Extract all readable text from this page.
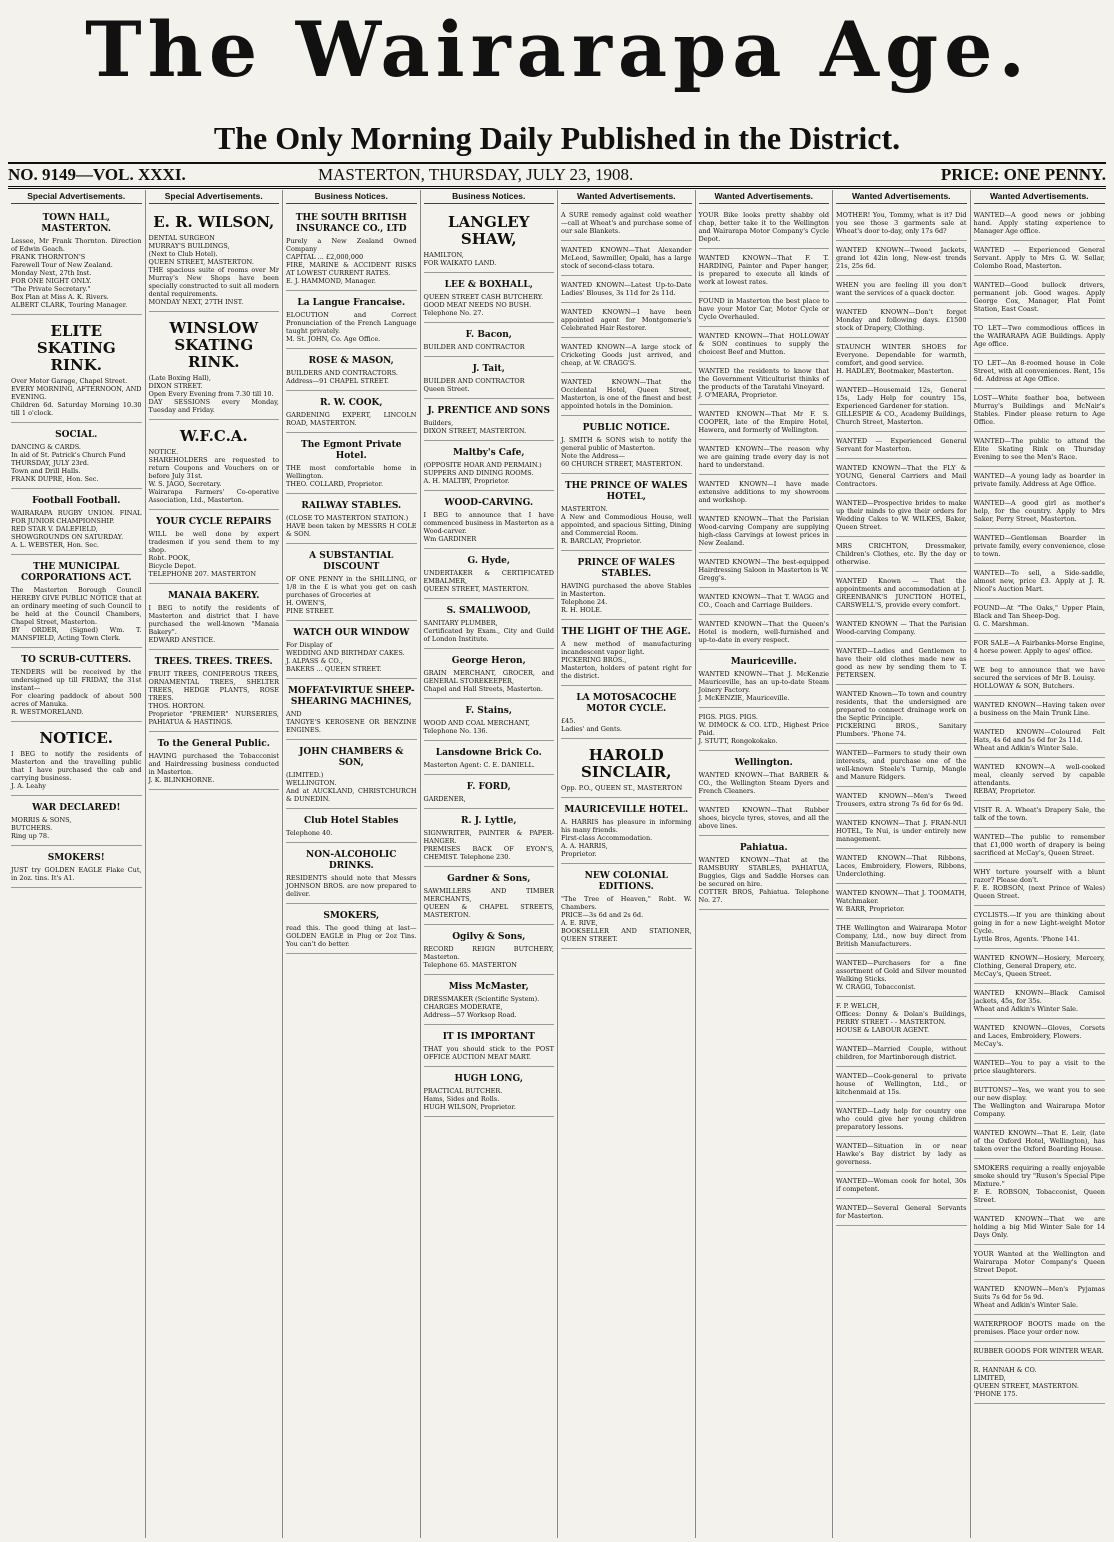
The Wairarapa Age.
The Only Morning Daily Published in the District.
NO. 9149—VOL. XXXI.	MASTERTON, THURSDAY, JULY 23, 1908.	PRICE: ONE PENNY.
Special Advertisements.
TOWN HALL, MASTERTON.

Lessee, Mr Frank Thornton. Direction of Edwin Geach.

FRANK THORNTON'S

Farewell Tour of New Zealand.

Monday Next, 27th Inst.

FOR ONE NIGHT ONLY.

"The Private Secretary."

Box Plan at Miss A. K. Rivers.

ALBERT CLARK, Touring Manager.

ELITE SKATING RINK.

Over Motor Garage, Chapel Street.

EVERY MORNING, AFTERNOON, AND EVENING.

Children 6d. Saturday Morning 10.30 till 1 o'clock.

SOCIAL.

DANCING & CARDS.

In aid of St. Patrick's Church Fund

THURSDAY, JULY 23rd.

Town and Drill Halls.

FRANK DUPRE, Hon. Sec.

Football Football.

WAIRARAPA RUGBY UNION. FINAL FOR JUNIOR CHAMPIONSHIP.

RED STAR V. DALEFIELD,

SHOWGROUNDS ON SATURDAY.

A. L. WEBSTER, Hon. Sec.

THE MUNICIPAL CORPORATIONS ACT.

The Masterton Borough Council HEREBY GIVE PUBLIC NOTICE that at an ordinary meeting of such Council to be held at the Council Chambers, Chapel Street, Masterton.

BY ORDER, (Signed) Wm. T. MANSFIELD, Acting Town Clerk.

TO SCRUB-CUTTERS.

TENDERS will be received by the undersigned up till FRIDAY, the 31st instant—

For clearing paddock of about 500 acres of Manuka.

R. WESTMORELAND.

NOTICE.

I BEG to notify the residents of Masterton and the travelling public that I have purchased the cab and carrying business.

J. A. Leahy

WAR DECLARED!

MORRIS & SONS,

BUTCHERS.

Ring up 78.

SMOKERS!

JUST try GOLDEN EAGLE Flake Cut, in 2oz. tins. It's A1.

Special Advertisements.
E. R. WILSON,

DENTAL SURGEON

MURRAY'S BUILDINGS,

(Next to Club Hotel).

QUEEN STREET, MASTERTON.

THE spacious suite of rooms over Mr Murray's New Shops have been specially constructed to suit all modern dental requirements.

MONDAY NEXT, 27TH INST.

WINSLOW SKATING RINK.

(Late Boxing Hall),

DIXON STREET.

Open Every Evening from 7.30 till 10.

DAY SESSIONS every Monday, Tuesday and Friday.

W.F.C.A.

NOTICE.

SHAREHOLDERS are requested to return Coupons and Vouchers on or before July 31st.

W. S. JAGO, Secretary.

Wairarapa Farmers' Co-operative Association, Ltd., Masterton.

YOUR CYCLE REPAIRS

WILL be well done by expert tradesmen if you send them to my shop.

Robt. POOK,

Bicycle Depot.

TELEPHONE 207. MASTERTON

MANAIA BAKERY.

I BEG to notify the residents of Masterton and district that I have purchased the well-known "Manaia Bakery".

EDWARD ANSTICE.

TREES. TREES. TREES.

FRUIT TREES, CONIFEROUS TREES, ORNAMENTAL TREES, SHELTER TREES, HEDGE PLANTS, ROSE TREES.

THOS. HORTON.

Proprietor "PREMIER" NURSERIES, PAHIATUA & HASTINGS.

To the General Public.

HAVING purchased the Tobacconist and Hairdressing business conducted in Masterton.

J. K. BLINKHORNE.

Business Notices.
THE SOUTH BRITISH INSURANCE CO., LTD

Purely a New Zealand Owned Company

CAPITAL ... £2,000,000

FIRE, MARINE & ACCIDENT RISKS AT LOWEST CURRENT RATES.

E. J. HAMMOND, Manager.

La Langue Francaise.

ELOCUTION and Correct Pronunciation of the French Language taught privately.

M. St. JOHN, Co. Age Office.

ROSE & MASON,

BUILDERS AND CONTRACTORS.

Address—91 CHAPEL STREET.

R. W. COOK,

GARDENING EXPERT, LINCOLN ROAD, MASTERTON.

The Egmont Private Hotel.

THE most comfortable home in Wellington.

THEO. COLLARD, Proprietor.

RAILWAY STABLES.

(CLOSE TO MASTERTON STATION.)

HAVE been taken by MESSRS H COLE & SON.

A SUBSTANTIAL DISCOUNT

OF ONE PENNY in the SHILLING, or 1/8 in the £ is what you get on cash purchases of Groceries at

H. OWEN'S,

PINE STREET.

WATCH OUR WINDOW

For Display of

WEDDING AND BIRTHDAY CAKES.

J. ALPASS & CO.,

BAKERS ... QUEEN STREET.

MOFFAT-VIRTUE SHEEP-SHEARING MACHINES,

AND

TANGYE'S KEROSENE OR BENZINE ENGINES.

JOHN CHAMBERS & SON,

(LIMITED.)

WELLINGTON.

And at AUCKLAND, CHRISTCHURCH & DUNEDIN.

Club Hotel Stables

Telephone 40.

NON-ALCOHOLIC DRINKS.

RESIDENTS should note that Messrs JOHNSON BROS. are now prepared to deliver.

SMOKERS,

read this. The good thing at last—GOLDEN EAGLE in Plug or 2oz Tins. You can't do better.

Business Notices.
LANGLEY SHAW,

HAMILTON,

FOR WAIKATO LAND.

LEE & BOXHALL,

QUEEN STREET CASH BUTCHERY.

GOOD MEAT NEEDS NO BUSH.

Telephone No. 27.

F. Bacon,

BUILDER AND CONTRACTOR

J. Tait,

BUILDER AND CONTRACTOR

Queen Street.

J. PRENTICE AND SONS

Builders,

DIXON STREET, MASTERTON.

Maltby's Cafe,

(OPPOSITE HOAR AND PERMAIN.)

SUPPERS AND DINING ROOMS.

A. H. MALTBY, Proprietor.

WOOD-CARVING.

I BEG to announce that I have commenced business in Masterton as a Wood-carver.

Wm GARDINER

G. Hyde,

UNDERTAKER & CERTIFICATED EMBALMER,

QUEEN STREET, MASTERTON.

S. SMALLWOOD,

SANITARY PLUMBER,

Certificated by Exam., City and Guild of London Institute.

George Heron,

GRAIN MERCHANT, GROCER, and GENERAL STOREKEEPER,

Chapel and Hall Streets, Masterton.

F. Stains,

WOOD AND COAL MERCHANT,

Telephone No. 136.

Lansdowne Brick Co.

Masterton Agent: C. E. DANIELL.

F. FORD,

GARDENER,

R. J. Lyttle,

SIGNWRITER, PAINTER & PAPER-HANGER.

PREMISES BACK OF EYON'S, CHEMIST. Telephone 230.

Gardner & Sons,

SAWMILLERS AND TIMBER MERCHANTS,

QUEEN & CHAPEL STREETS, MASTERTON.

Ogilvy & Sons,

RECORD REIGN BUTCHERY, Masterton.

Telephone 65. MASTERTON

Miss McMaster,

DRESSMAKER (Scientific System).

CHARGES MODERATE,

Address—57 Worksop Road.

IT IS IMPORTANT

THAT you should stick to the POST OFFICE AUCTION MEAT MART.

HUGH LONG,

PRACTICAL BUTCHER.

Hams, Sides and Rolls.

HUGH WILSON, Proprietor.

Wanted Advertisements.

A SURE remedy against cold weather —call at Wheat's and purchase some of our sale Blankets.

WANTED KNOWN—That Alexander McLeod, Sawmiller, Opaki, has a large stock of second-class totara.

WANTED KNOWN—Latest Up-to-Date Ladies' Blouses, 3s 11d for 2s 11d.

WANTED KNOWN—I have been appointed agent for Montgomerie's Celebrated Hair Restorer.

WANTED KNOWN—A large stock of Cricketing Goods just arrived, and cheap, at W. CRAGG'S.

WANTED KNOWN—That the Occidental Hotel, Queen Street, Masterton, is one of the finest and best appointed hotels in the Dominion.

PUBLIC NOTICE.

J. SMITH & SONS wish to notify the general public of Masterton.

Note the Address—

60 CHURCH STREET, MASTERTON.

THE PRINCE OF WALES HOTEL,

MASTERTON.

A New and Commodious House, well appointed, and spacious Sitting, Dining and Commercial Room.

R. BARCLAY, Proprietor.

PRINCE OF WALES STABLES.

HAVING purchased the above Stables in Masterton.

Telephone 24.

R. H. HOLE.

THE LIGHT OF THE AGE.

A new method of manufacturing incandescent vapor light.

PICKERING BROS.,

Masterton, holders of patent right for the district.

LA MOTOSACOCHE MOTOR CYCLE.

£45.

Ladies' and Gents.

HAROLD SINCLAIR,

Opp. P.O., QUEEN ST., MASTERTON

MAURICEVILLE HOTEL.

A. HARRIS has pleasure in informing his many friends.

First-class Accommodation.

A. A. HARRIS,

Proprietor.

NEW COLONIAL EDITIONS.

"The Tree of Heaven," Robt. W. Chambers.

PRICE—3s 6d and 2s 6d.

A. E. RIVE,

BOOKSELLER AND STATIONER, QUEEN STREET.

Wanted Advertisements.

YOUR Bike looks pretty shabby old chap, better take it to the Wellington and Wairarapa Motor Company's Cycle Depot.

WANTED KNOWN—That F. T. HARDING, Painter and Paper hanger, is prepared to execute all kinds of work at lowest rates.

FOUND in Masterton the best place to have your Motor Car, Motor Cycle or Cycle Overhauled.

WANTED KNOWN—That HOLLOWAY & SON continues to supply the choicest Beef and Mutton.

WANTED the residents to know that the Government Viticulturist thinks of the products of the Taratahi Vineyard.

J. O'MEARA, Proprietor.

WANTED KNOWN—That Mr F. S. COOPER, late of the Empire Hotel, Hawera, and formerly of Wellington.

WANTED KNOWN—The reason why we are gaining trade every day is not hard to understand.

WANTED KNOWN—I have made extensive additions to my showroom and workshop.

WANTED KNOWN—That the Parisian Wood-carving Company are supplying high-class Carvings at lowest prices in New Zealand.

WANTED KNOWN—The best-equipped Hairdressing Saloon in Masterton is W. Gregg's.

WANTED KNOWN—That T. WAGG and CO., Coach and Carriage Builders.

WANTED KNOWN—That the Queen's Hotel is modern, well-furnished and up-to-date in every respect.

Mauriceville.

WANTED KNOWN—That J. McKenzie Mauriceville, has an up-to-date Steam Joinery Factory.

J. McKENZIE, Mauriceville.

PIGS. PIGS. PIGS.

W. DIMOCK & CO. LTD., Highest Price Paid.

J. STUTT, Rongokokako.

Wellington.

WANTED KNOWN—That BARBER & CO., the Wellington Steam Dyers and French Cleaners.

WANTED KNOWN—That Rubber shoes, bicycle tyres, stoves, and all the above lines.

Pahiatua.

WANTED KNOWN—That at the RAMSBURY STABLES, PAHIATUA, Buggies, Gigs and Saddle Horses can be secured on hire.

COTTER BROS, Pahiatua. Telephone No. 27.

Wanted Advertisements.

MOTHER! You, Tommy, what is it? Did you see those 3 garments sale at Wheat's door to-day, only 17s 6d?

WANTED KNOWN—Tweed Jackets, grand lot 42in long, New-est trends 21s, 25s 6d.

WHEN you are feeling ill you don't want the services of a quack doctor.

WANTED KNOWN—Don't forget Monday and following days. £1500 stock of Drapery, Clothing.

STAUNCH WINTER SHOES for Everyone. Dependable for warmth, comfort, and good service.

H. HADLEY, Bootmaker, Masterton.

WANTED—Housemaid 12s, General 15s, Lady Help for country 15s, Experienced Gardener for station.

GILLESPIE & CO., Academy Buildings, Church Street, Masterton.

WANTED — Experienced General Servant for Masterton.

WANTED KNOWN—That the FLY & YOUNG, General Carriers and Mail Contractors.

WANTED—Prospective brides to make up their minds to give their orders for Wedding Cakes to W. WILKES, Baker, Queen Street.

MRS CRICHTON, Dressmaker, Children's Clothes, etc. By the day or otherwise.

WANTED Known — That the appointments and accommodation at J. GREENBANK'S JUNCTION HOTEL, CARSWELL'S, provide every comfort.

WANTED KNOWN — That the Parisian Wood-carving Company.

WANTED—Ladies and Gentlemen to have their old clothes made new as good as new by sending them to T. PETERSEN.

WANTED Known—To town and country residents, that the undersigned are prepared to connect drainage work on the Septic Principle.

PICKERING BROS., Sanitary Plumbers. 'Phone 74.

WANTED—Farmers to study their own interests, and purchase one of the well-known Steele's Turnip, Mangle and Manure Ridgers.

WANTED KNOWN—Men's Tweed Trousers, extra strong 7s 6d for 6s 9d.

WANTED KNOWN—That J. FRAN-NUI HOTEL, Te Nui, is under entirely new management.

WANTED KNOWN—That Ribbons, Laces, Embroidery, Flowers, Ribbons, Underclothing.

WANTED KNOWN—That J. TOOMATH, Watchmaker.

W. BARR, Proprietor.

THE Wellington and Wairarapa Motor Company, Ltd., now buy direct from British Manufacturers.

WANTED—Purchasers for a fine assortment of Gold and Silver mounted Walking Sticks.

W. CRAGG, Tobacconist.

F. P. WELCH,

Offices: Donny & Dolan's Buildings, PERRY STREET - - MASTERTON.

HOUSE & LABOUR AGENT.

WANTED—Married Couple, without children, for Martinborough district.

WANTED—Cook-general to private house of Wellington, Ltd., or kitchenmaid at 15s.

WANTED—Lady help for country one who could give her young children preparatory lessons.

WANTED—Situation in or near Hawke's Bay district by lady as governess.

WANTED—Woman cook for hotel, 30s if competent.

WANTED—Several General Servants for Masterton.

Wanted Advertisements.

WANTED—A good news or jobbing hand. Apply stating experience to Manager Age office.

WANTED — Experienced General Servant. Apply to Mrs G. W. Sellar, Colombo Road, Masterton.

WANTED—Good bullock drivers, permanent job. Good wages. Apply George Cox, Manager, Flat Point Station, East Coast.

TO LET—Two commodious offices in the WAIRARAPA AGE Buildings. Apply Age office.

TO LET—An 8-roomed house in Cole Street, with all conveniences. Rent, 15s 6d. Address at Age Office.

LOST—White feather boa, between Murray's Buildings and McNair's Stables. Finder please return to Age Office.

WANTED—The public to attend the Elite Skating Rink on Thursday Evening to see the Men's Race.

WANTED—A young lady as boarder in private family. Address at Age Office.

WANTED—A good girl as mother's help, for the country. Apply to Mrs Saker, Perry Street, Masterton.

WANTED—Gentleman Boarder in private family, every convenience, close to town.

WANTED—To sell, a Side-saddle, almost new, price £3. Apply at J. R. Nicol's Auction Mart.

FOUND—At "The Oaks," Upper Plain, Black and Tan Sheep-Dog.

G. C. Marshman.

FOR SALE—A Fairbanks-Morse Engine, 4 horse power. Apply to ages' office.

WE beg to announce that we have secured the services of Mr B. Louisy.

HOLLOWAY & SON, Butchers.

WANTED KNOWN—Having taken over a business on the Main Trunk Line.

WANTED KNOWN—Coloured Felt Hats, 4s 6d and 5s 6d for 2s 11d.

Wheat and Adkin's Winter Sale.

WANTED KNOWN—A well-cooked meal, cleanly served by capable attendants.

REBAY, Proprietor.

VISIT R. A. Wheat's Drapery Sale, the talk of the town.

WANTED—The public to remember that £1,000 worth of drapery is being sacrificed at McCay's, Queen Street.

WHY torture yourself with a blunt razor? Please don't.

F. E. ROBSON, (next Prince of Wales) Queen Street.

CYCLISTS.—If you are thinking about going in for a new Light-weight Motor Cycle.

Lyttle Bros, Agents. 'Phone 141.

WANTED KNOWN—Hosiery, Mercery, Clothing, General Drapery, etc.

McCay's, Queen Street.

WANTED KNOWN—Black Camisol jackets, 45s, for 35s.

Wheat and Adkin's Winter Sale.

WANTED KNOWN—Gloves, Corsets and Laces, Embroidery, Flowers.

McCay's.

WANTED—You to pay a visit to the price slaughterers.

BUTTONS?—Yes, we want you to see our new display.

The Wellington and Wairarapa Motor Company.

WANTED KNOWN—That E. Leir, (late of the Oxford Hotel, Wellington), has taken over the Oxford Boarding House.

SMOKERS requiring a really enjoyable smoke should try "Ruson's Special Pipe Mixture."

F. E. ROBSON, Tobacconist, Queen Street.

WANTED KNOWN—That we are holding a big Mid Winter Sale for 14 Days Only.

YOUR Wanted at the Wellington and Wairarapa Motor Company's Queen Street Depot.

WANTED KNOWN—Men's Pyjamas Suits 7s 6d for 5s 9d.

Wheat and Adkin's Winter Sale.

WATERPROOF BOOTS made on the premises. Place your order now.

RUBBER GOODS FOR WINTER WEAR.

R. HANNAH & CO.

LIMITED,

QUEEN STREET, MASTERTON.

'PHONE 175.
